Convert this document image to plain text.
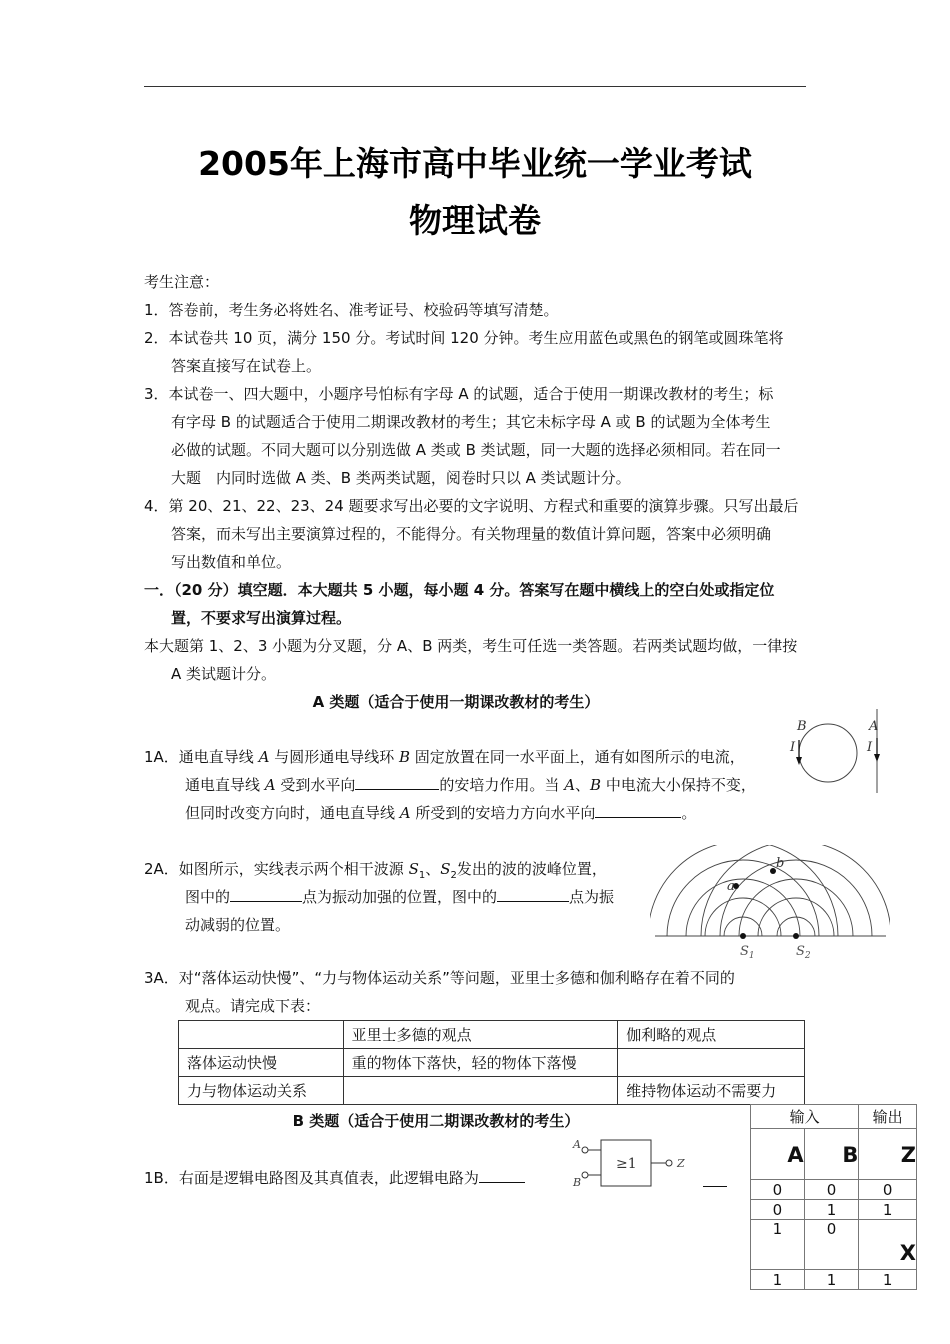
2005年上海市高中毕业统一学业考试
物理试卷
考生注意：
1．答卷前，考生务必将姓名、准考证号、校验码等填写清楚。
2．本试卷共 10 页，满分 150 分。考试时间 120 分钟。考生应用蓝色或黑色的钢笔或圆珠笔将
答案直接写在试卷上。
3．本试卷一、四大题中，小题序号怕标有字母 A 的试题，适合于使用一期课改教材的考生；标
有字母 B 的试题适合于使用二期课改教材的考生；其它未标字母 A 或 B 的试题为全体考生
必做的试题。不同大题可以分别选做 A 类或 B 类试题，同一大题的选择必须相同。若在同一
大题　内同时选做 A 类、B 类两类试题，阅卷时只以 A 类试题计分。
4．第 20、21、22、23、24 题要求写出必要的文字说明、方程式和重要的演算步骤。只写出最后
答案，而未写出主要演算过程的，不能得分。有关物理量的数值计算问题，答案中必须明确
写出数值和单位。
一．（20 分）填空题．本大题共 5 小题，每小题 4 分。答案写在题中横线上的空白处或指定位
置，不要求写出演算过程。
本大题第 1、2、3 小题为分叉题，分 A、B 两类，考生可任选一类答题。若两类试题均做，一律按
A 类试题计分。
A 类题（适合于使用一期课改教材的考生）
1A．通电直导线 A 与圆形通电导线环 B 固定放置在同一水平面上，通有如图所示的电流，
通电直导线 A 受到水平向	的安培力作用。当 A、B 中电流大小保持不变，
但同时改变方向时，通电直导线 A 所受到的安培力方向水平向	。
B	A
I	I
2A．如图所示，实线表示两个相干波源 $S_1$、$S_2$发出的波的波峰位置，
图中的	点为振动加强的位置，图中的	点为振
动减弱的位置。
a
b
$S_1$	$S_2$
3A．对“落体运动快慢”、“力与物体运动关系”等问题，亚里士多德和伽利略存在着不同的
观点。请完成下表：
	亚里士多德的观点	伽利略的观点
落体运动快慢	重的物体下落快，轻的物体下落慢	
力与物体运动关系		维持物体运动不需要力
B 类题（适合于使用二期课改教材的考生）
1B．右面是逻辑电路图及其真值表，此逻辑电路为
≥1
A
B
Z
输入		输出
A	B	Z
0	0	0
0	1	1
1	0	X
1	1	1
